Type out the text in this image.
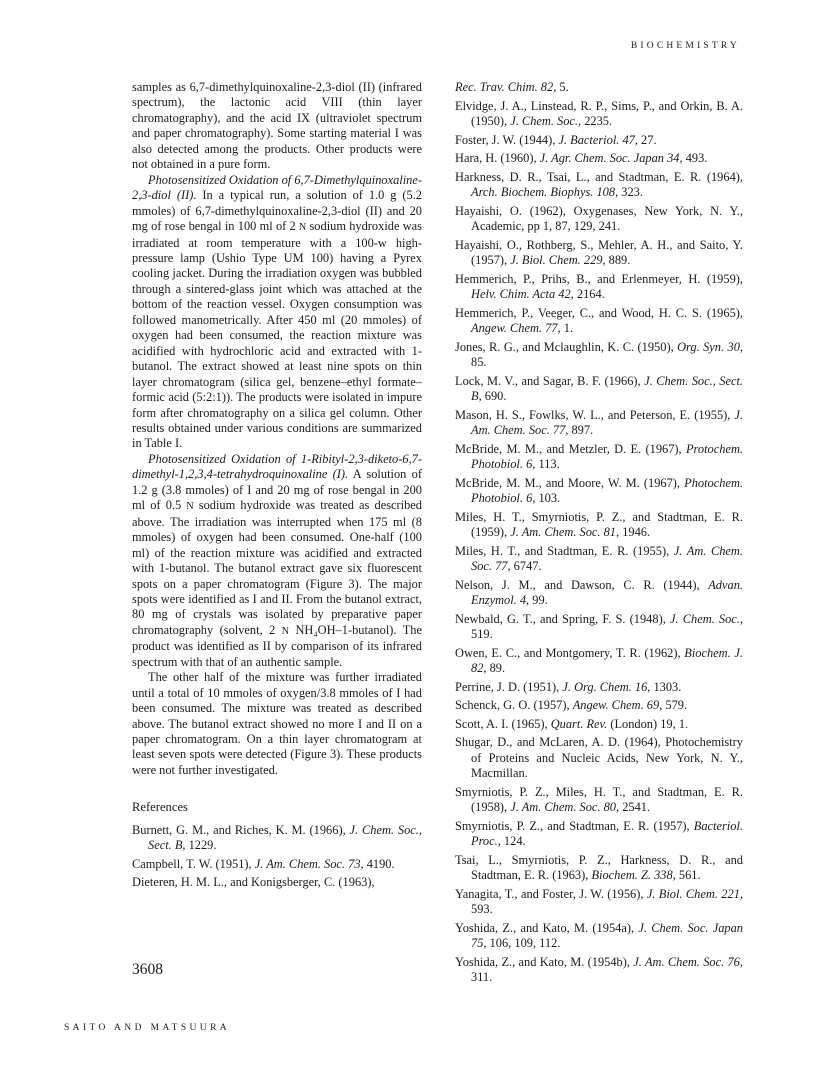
BIOCHEMISTRY

samples as 6,7-dimethylquinoxaline-2,3-diol (II) (infrared spectrum), the lactonic acid VIII (thin layer chromatography), and the acid IX (ultraviolet spectrum and paper chromatography). Some starting material I was also detected among the products. Other products were not obtained in a pure form.

Photosensitized Oxidation of 6,7-Dimethylquinoxaline-2,3-diol (II). In a typical run, a solution of 1.0 g (5.2 mmoles) of 6,7-dimethylquinoxaline-2,3-diol (II) and 20 mg of rose bengal in 100 ml of 2 N sodium hydroxide was irradiated at room temperature with a 100-w high-pressure lamp (Ushio Type UM 100) having a Pyrex cooling jacket. During the irradiation oxygen was bubbled through a sintered-glass joint which was attached at the bottom of the reaction vessel. Oxygen consumption was followed manometrically. After 450 ml (20 mmoles) of oxygen had been consumed, the reaction mixture was acidified with hydrochloric acid and extracted with 1-butanol. The extract showed at least nine spots on thin layer chromatogram (silica gel, benzene–ethyl formate–formic acid (5:2:1)). The products were isolated in impure form after chromatography on a silica gel column. Other results obtained under various conditions are summarized in Table I.

Photosensitized Oxidation of 1-Ribityl-2,3-diketo-6,7-dimethyl-1,2,3,4-tetrahydroquinoxaline (I). A solution of 1.2 g (3.8 mmoles) of I and 20 mg of rose bengal in 200 ml of 0.5 N sodium hydroxide was treated as described above. The irradiation was interrupted when 175 ml (8 mmoles) of oxygen had been consumed. One-half (100 ml) of the reaction mixture was acidified and extracted with 1-butanol. The butanol extract gave six fluorescent spots on a paper chromatogram (Figure 3). The major spots were identified as I and II. From the butanol extract, 80 mg of crystals was isolated by preparative paper chromatography (solvent, 2 N NH₄OH–1-butanol). The product was identified as II by comparison of its infrared spectrum with that of an authentic sample.

The other half of the mixture was further irradiated until a total of 10 mmoles of oxygen/3.8 mmoles of I had been consumed. The mixture was treated as described above. The butanol extract showed no more I and II on a paper chromatogram. On a thin layer chromatogram at least seven spots were detected (Figure 3). These products were not further investigated.

References

Burnett, G. M., and Riches, K. M. (1966), J. Chem. Soc., Sect. B, 1229.

Campbell, T. W. (1951), J. Am. Chem. Soc. 73, 4190.

Dieteren, H. M. L., and Konigsberger, C. (1963),

Rec. Trav. Chim. 82, 5.

Elvidge, J. A., Linstead, R. P., Sims, P., and Orkin, B. A. (1950), J. Chem. Soc., 2235.

Foster, J. W. (1944), J. Bacteriol. 47, 27.

Hara, H. (1960), J. Agr. Chem. Soc. Japan 34, 493.

Harkness, D. R., Tsai, L., and Stadtman, E. R. (1964), Arch. Biochem. Biophys. 108, 323.

Hayaishi, O. (1962), Oxygenases, New York, N. Y., Academic, pp 1, 87, 129, 241.

Hayaishi, O., Rothberg, S., Mehler, A. H., and Saito, Y. (1957), J. Biol. Chem. 229, 889.

Hemmerich, P., Prihs, B., and Erlenmeyer, H. (1959), Helv. Chim. Acta 42, 2164.

Hemmerich, P., Veeger, C., and Wood, H. C. S. (1965), Angew. Chem. 77, 1.

Jones, R. G., and Mclaughlin, K. C. (1950), Org. Syn. 30, 85.

Lock, M. V., and Sagar, B. F. (1966), J. Chem. Soc., Sect. B, 690.

Mason, H. S., Fowlks, W. L., and Peterson, E. (1955), J. Am. Chem. Soc. 77, 897.

McBride, M. M., and Metzler, D. E. (1967), Protochem. Photobiol. 6, 113.

McBride, M. M., and Moore, W. M. (1967), Photochem. Photobiol. 6, 103.

Miles, H. T., Smyrniotis, P. Z., and Stadtman, E. R. (1959), J. Am. Chem. Soc. 81, 1946.

Miles, H. T., and Stadtman, E. R. (1955), J. Am. Chem. Soc. 77, 6747.

Nelson, J. M., and Dawson, C. R. (1944), Advan. Enzymol. 4, 99.

Newbald, G. T., and Spring, F. S. (1948), J. Chem. Soc., 519.

Owen, E. C., and Montgomery, T. R. (1962), Biochem. J. 82, 89.

Perrine, J. D. (1951), J. Org. Chem. 16, 1303.

Schenck, G. O. (1957), Angew. Chem. 69, 579.

Scott, A. I. (1965), Quart. Rev. (London) 19, 1.

Shugar, D., and McLaren, A. D. (1964), Photochemistry of Proteins and Nucleic Acids, New York, N. Y., Macmillan.

Smyrniotis, P. Z., Miles, H. T., and Stadtman, E. R. (1958), J. Am. Chem. Soc. 80, 2541.

Smyrniotis, P. Z., and Stadtman, E. R. (1957), Bacteriol. Proc., 124.

Tsai, L., Smyrniotis, P. Z., Harkness, D. R., and Stadtman, E. R. (1963), Biochem. Z. 338, 561.

Yanagita, T., and Foster, J. W. (1956), J. Biol. Chem. 221, 593.

Yoshida, Z., and Kato, M. (1954a), J. Chem. Soc. Japan 75, 106, 109, 112.

Yoshida, Z., and Kato, M. (1954b), J. Am. Chem. Soc. 76, 311.

3608
SAITO AND MATSUURA
